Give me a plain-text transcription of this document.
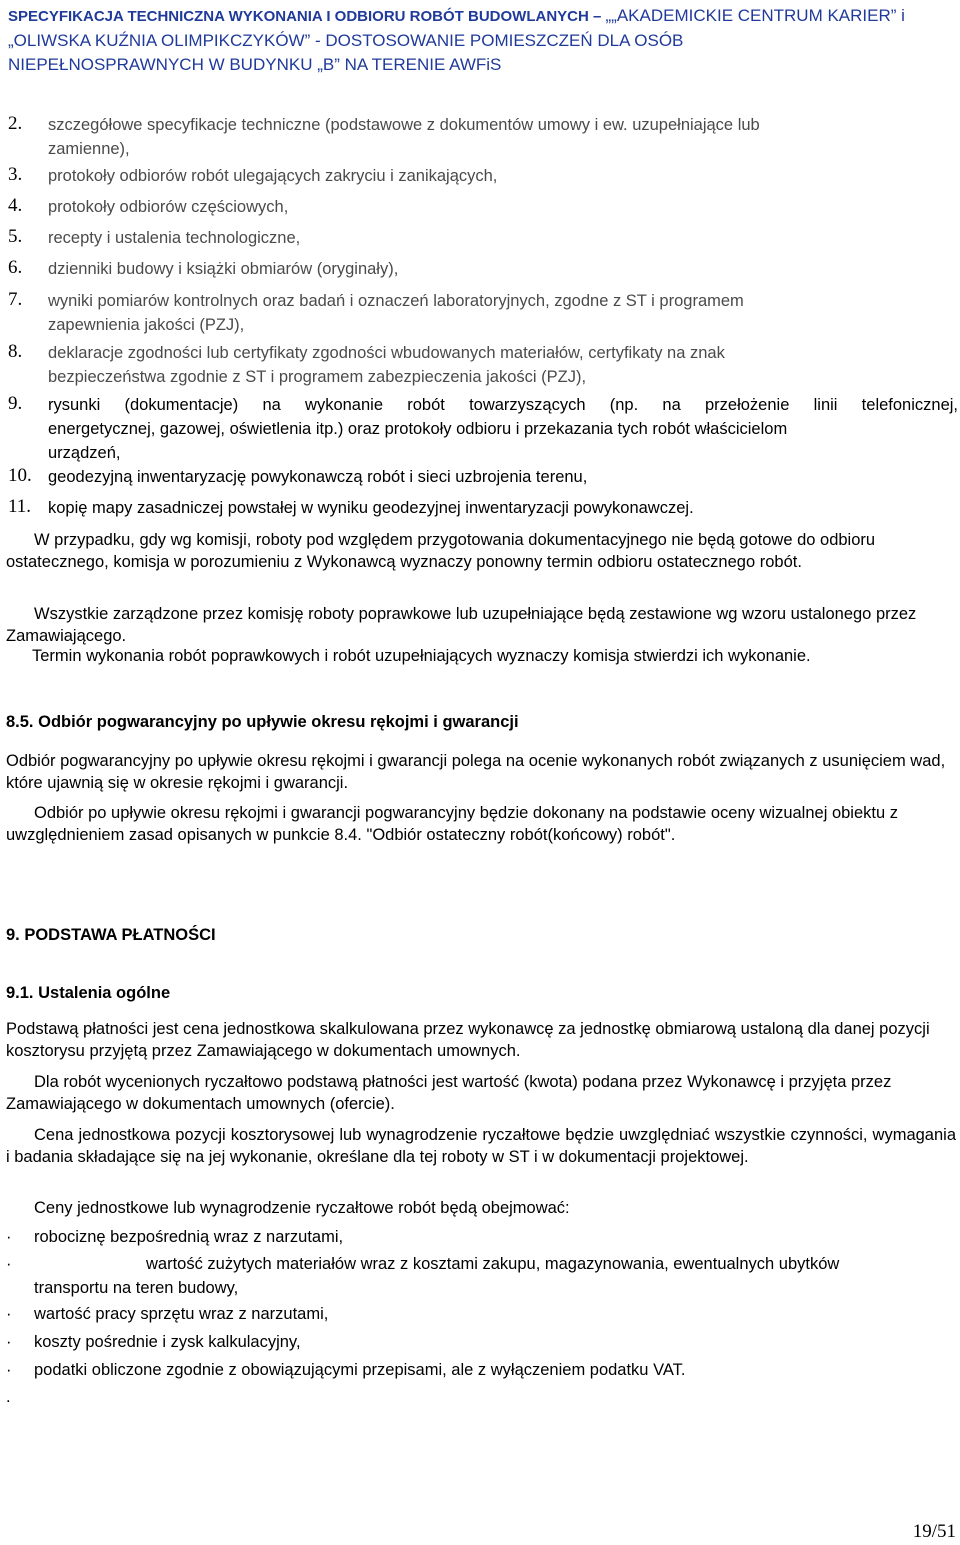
SPECYFIKACJA TECHNICZNA WYKONANIA I ODBIORU ROBÓT BUDOWLANYCH – „„AKADEMICKIE CENTRUM KARIER” i
„OLIWSKA KUŹNIA OLIMPIKCZYKÓW” - DOSTOSOWANIE POMIESZCZEŃ DLA OSÓB
NIEPEŁNOSPRAWNYCH W BUDYNKU „B” NA TERENIE AWFiS
2. szczegółowe specyfikacje techniczne (podstawowe z dokumentów umowy i ew. uzupełniające lub
zamienne),
3. protokoły odbiorów robót ulegających zakryciu i zanikających,
4. protokoły odbiorów częściowych,
5. recepty i ustalenia technologiczne,
6. dzienniki budowy i książki obmiarów (oryginały),
7. wyniki pomiarów kontrolnych oraz badań i oznaczeń laboratoryjnych, zgodne z ST i programem
zapewnienia jakości (PZJ),
8. deklaracje zgodności lub certyfikaty zgodności wbudowanych materiałów, certyfikaty na znak
bezpieczeństwa zgodnie z ST i programem zabezpieczenia jakości (PZJ),
9. rysunki (dokumentacje) na wykonanie robót towarzyszących (np. na przełożenie linii telefonicznej,
energetycznej, gazowej, oświetlenia itp.) oraz protokoły odbioru i przekazania tych robót właścicielom
urządzeń,
10. geodezyjną inwentaryzację powykonawczą robót i sieci uzbrojenia terenu,
11. kopię mapy zasadniczej powstałej w wyniku geodezyjnej inwentaryzacji powykonawczej.
W przypadku, gdy wg komisji, roboty pod względem przygotowania dokumentacyjnego nie będą gotowe do odbioru ostatecznego, komisja w porozumieniu z Wykonawcą wyznaczy ponowny termin odbioru ostatecznego robót.
Wszystkie zarządzone przez komisję roboty poprawkowe lub uzupełniające będą zestawione wg wzoru ustalonego przez Zamawiającego.
Termin wykonania robót poprawkowych i robót uzupełniających wyznaczy komisja stwierdzi ich wykonanie.
8.5. Odbiór pogwarancyjny po upływie okresu rękojmi i gwarancji
Odbiór pogwarancyjny po upływie okresu rękojmi i gwarancji polega na ocenie wykonanych robót związanych z usunięciem wad, które ujawnią się w okresie rękojmi i gwarancji.
Odbiór po upływie okresu rękojmi i gwarancji pogwarancyjny będzie dokonany na podstawie oceny wizualnej obiektu z uwzględnieniem zasad opisanych w punkcie 8.4. "Odbiór ostateczny robót(końcowy) robót".
9. PODSTAWA PŁATNOŚCI
9.1. Ustalenia ogólne
Podstawą płatności jest cena jednostkowa skalkulowana przez wykonawcę za jednostkę obmiarową ustaloną dla danej pozycji kosztorysu przyjętą przez Zamawiającego w dokumentach umownych.
Dla robót wycenionych ryczałtowo podstawą płatności jest wartość (kwota) podana przez Wykonawcę i przyjęta przez Zamawiającego w dokumentach umownych (ofercie).
Cena jednostkowa pozycji kosztorysowej lub wynagrodzenie ryczałtowe będzie uwzględniać wszystkie czynności, wymagania i badania składające się na jej wykonanie, określane dla tej roboty w ST i w dokumentacji projektowej.
Ceny jednostkowe lub wynagrodzenie ryczałtowe robót będą obejmować:
· robociznę bezpośrednią wraz z narzutami,
·	wartość zużytych materiałów wraz z kosztami zakupu, magazynowania, ewentualnych ubytków
transportu na teren budowy,
· wartość pracy sprzętu wraz z narzutami,
· koszty pośrednie i zysk kalkulacyjny,
· podatki obliczone zgodnie z obowiązującymi przepisami, ale z wyłączeniem podatku VAT.
.
19/51
